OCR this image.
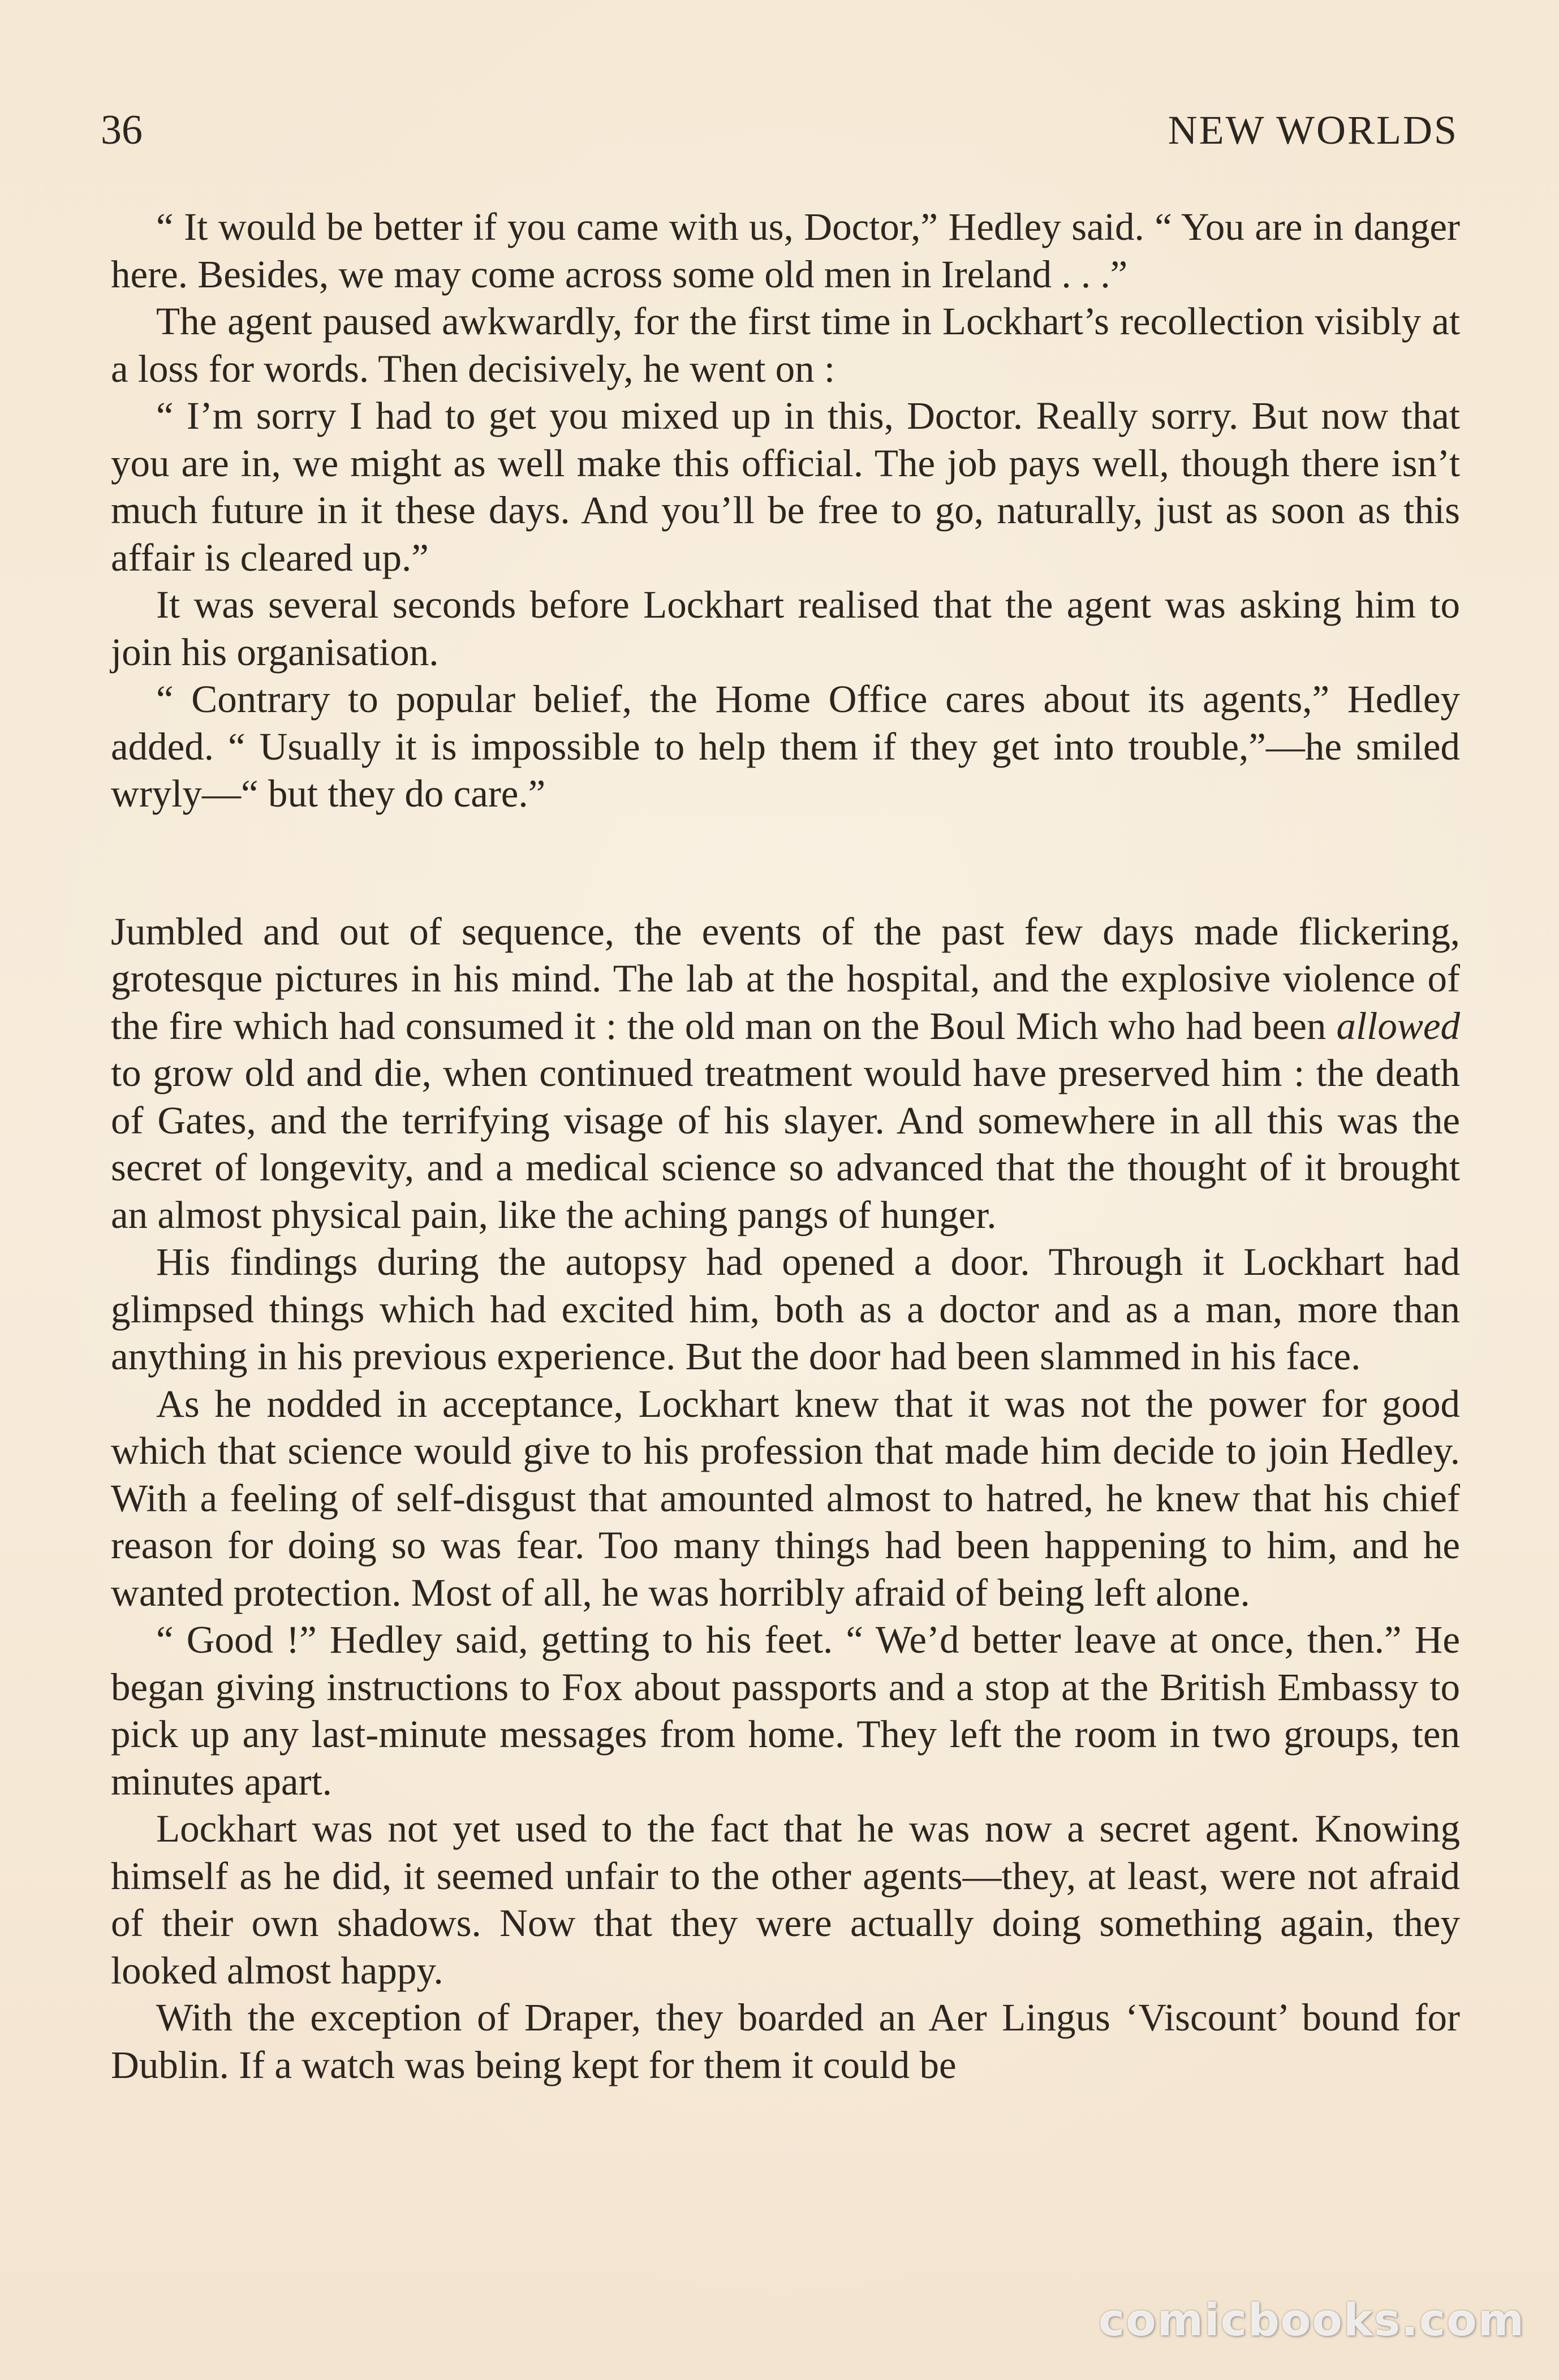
36	NEW WORLDS

“ It would be better if you came with us, Doctor,” Hedley said. “ You are in danger here. Besides, we may come across some old men in Ireland . . .”

The agent paused awkwardly, for the first time in Lockhart’s recollection visibly at a loss for words. Then decisively, he went on :

“ I’m sorry I had to get you mixed up in this, Doctor. Really sorry. But now that you are in, we might as well make this official. The job pays well, though there isn’t much future in it these days. And you’ll be free to go, naturally, just as soon as this affair is cleared up.”

It was several seconds before Lockhart realised that the agent was asking him to join his organisation.

“ Contrary to popular belief, the Home Office cares about its agents,” Hedley added. “ Usually it is impossible to help them if they get into trouble,”—he smiled wryly—“ but they do care.”

Jumbled and out of sequence, the events of the past few days made flickering, grotesque pictures in his mind. The lab at the hospital, and the explosive violence of the fire which had consumed it : the old man on the Boul Mich who had been allowed to grow old and die, when continued treatment would have preserved him : the death of Gates, and the terrifying visage of his slayer. And somewhere in all this was the secret of longevity, and a medical science so advanced that the thought of it brought an almost physical pain, like the aching pangs of hunger.

His findings during the autopsy had opened a door. Through it Lockhart had glimpsed things which had excited him, both as a doctor and as a man, more than anything in his previous experience. But the door had been slammed in his face.

As he nodded in acceptance, Lockhart knew that it was not the power for good which that science would give to his profession that made him decide to join Hedley. With a feeling of self-disgust that amounted almost to hatred, he knew that his chief reason for doing so was fear. Too many things had been happening to him, and he wanted protection. Most of all, he was horribly afraid of being left alone.

“ Good !” Hedley said, getting to his feet. “ We’d better leave at once, then.” He began giving instructions to Fox about passports and a stop at the British Embassy to pick up any last-minute messages from home. They left the room in two groups, ten minutes apart.

Lockhart was not yet used to the fact that he was now a secret agent. Knowing himself as he did, it seemed unfair to the other agents—they, at least, were not afraid of their own shadows. Now that they were actually doing something again, they looked almost happy.

With the exception of Draper, they boarded an Aer Lingus ‘Viscount’ bound for Dublin. If a watch was being kept for them it could be

comicbooks.com
